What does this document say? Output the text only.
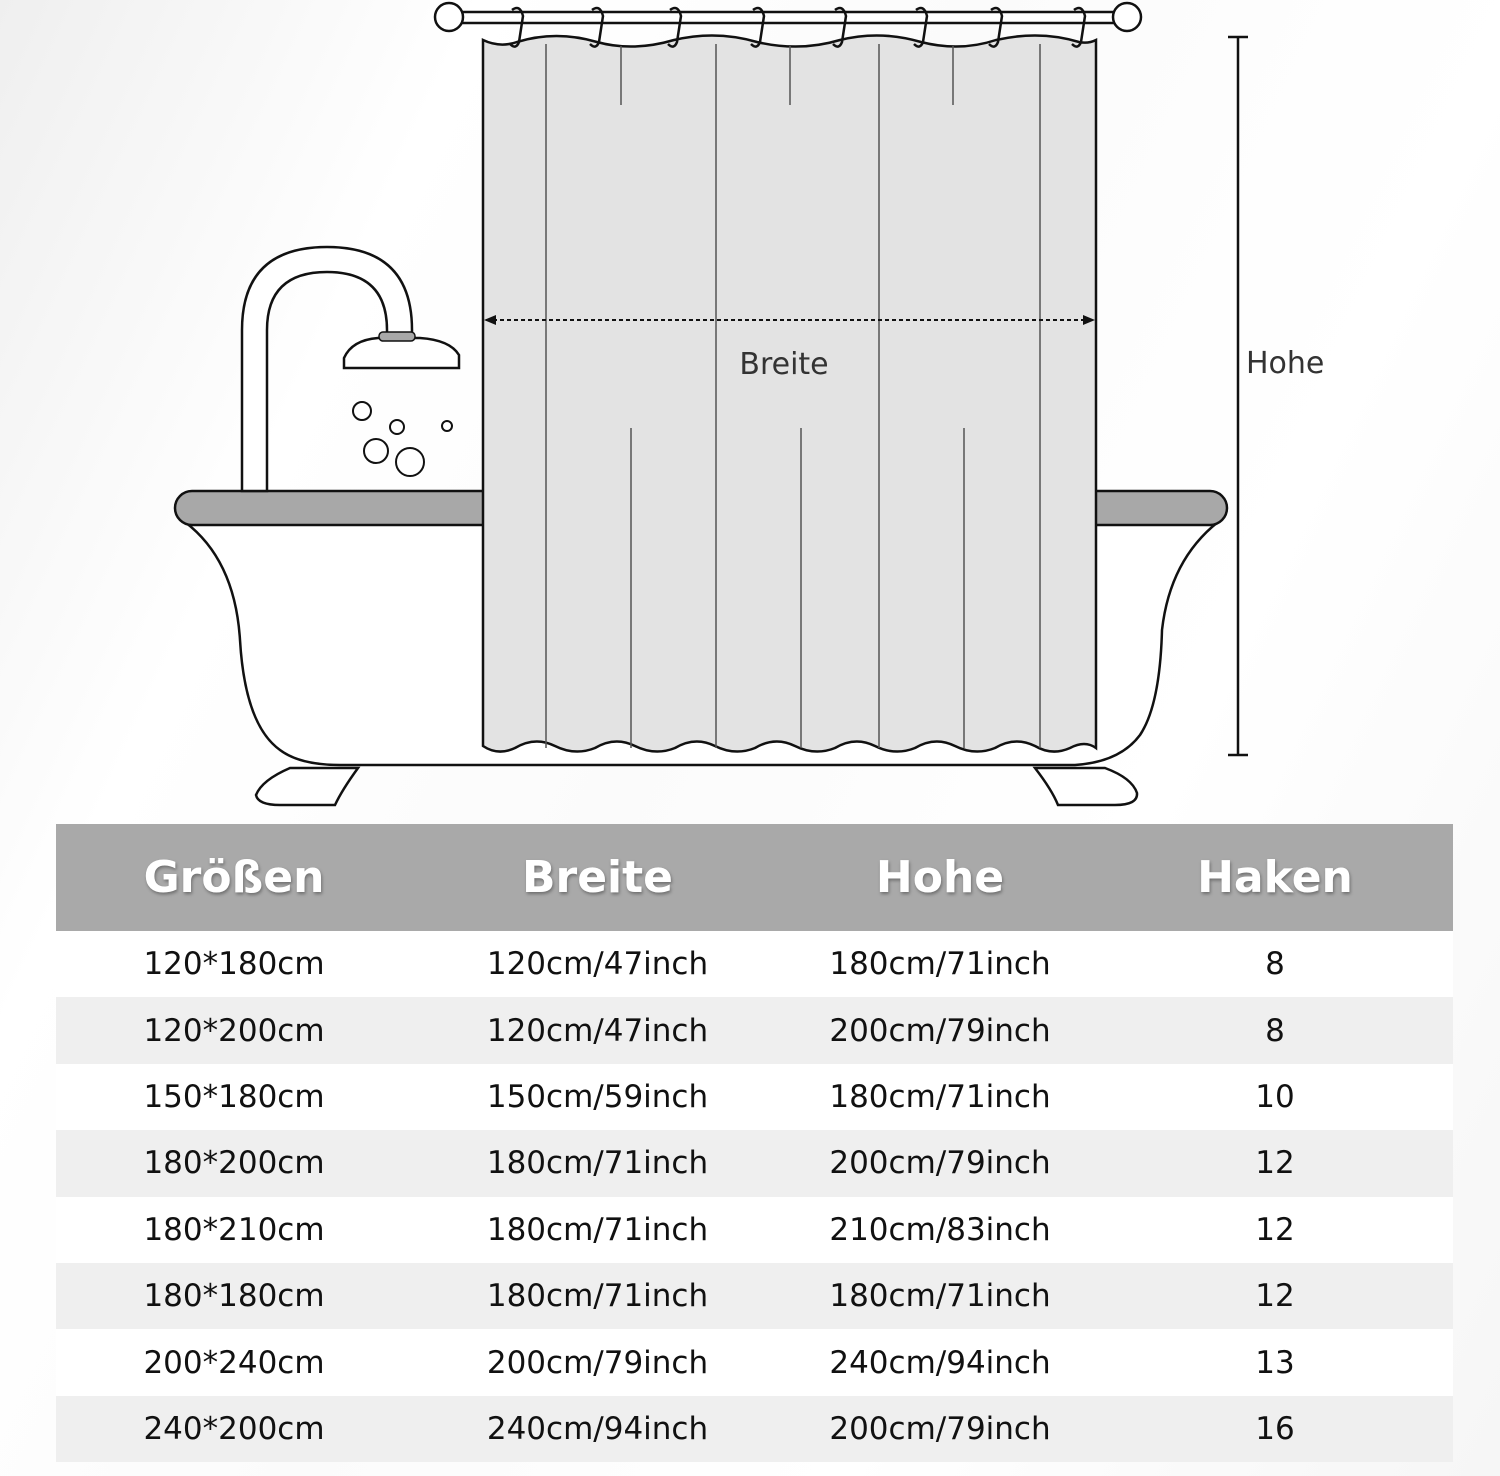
Breite	Hohe
Größen	Breite	Hohe	Haken
120*180cm	120cm/47inch	180cm/71inch	8
120*200cm	120cm/47inch	200cm/79inch	8
150*180cm	150cm/59inch	180cm/71inch	10
180*200cm	180cm/71inch	200cm/79inch	12
180*210cm	180cm/71inch	210cm/83inch	12
180*180cm	180cm/71inch	180cm/71inch	12
200*240cm	200cm/79inch	240cm/94inch	13
240*200cm	240cm/94inch	200cm/79inch	16
